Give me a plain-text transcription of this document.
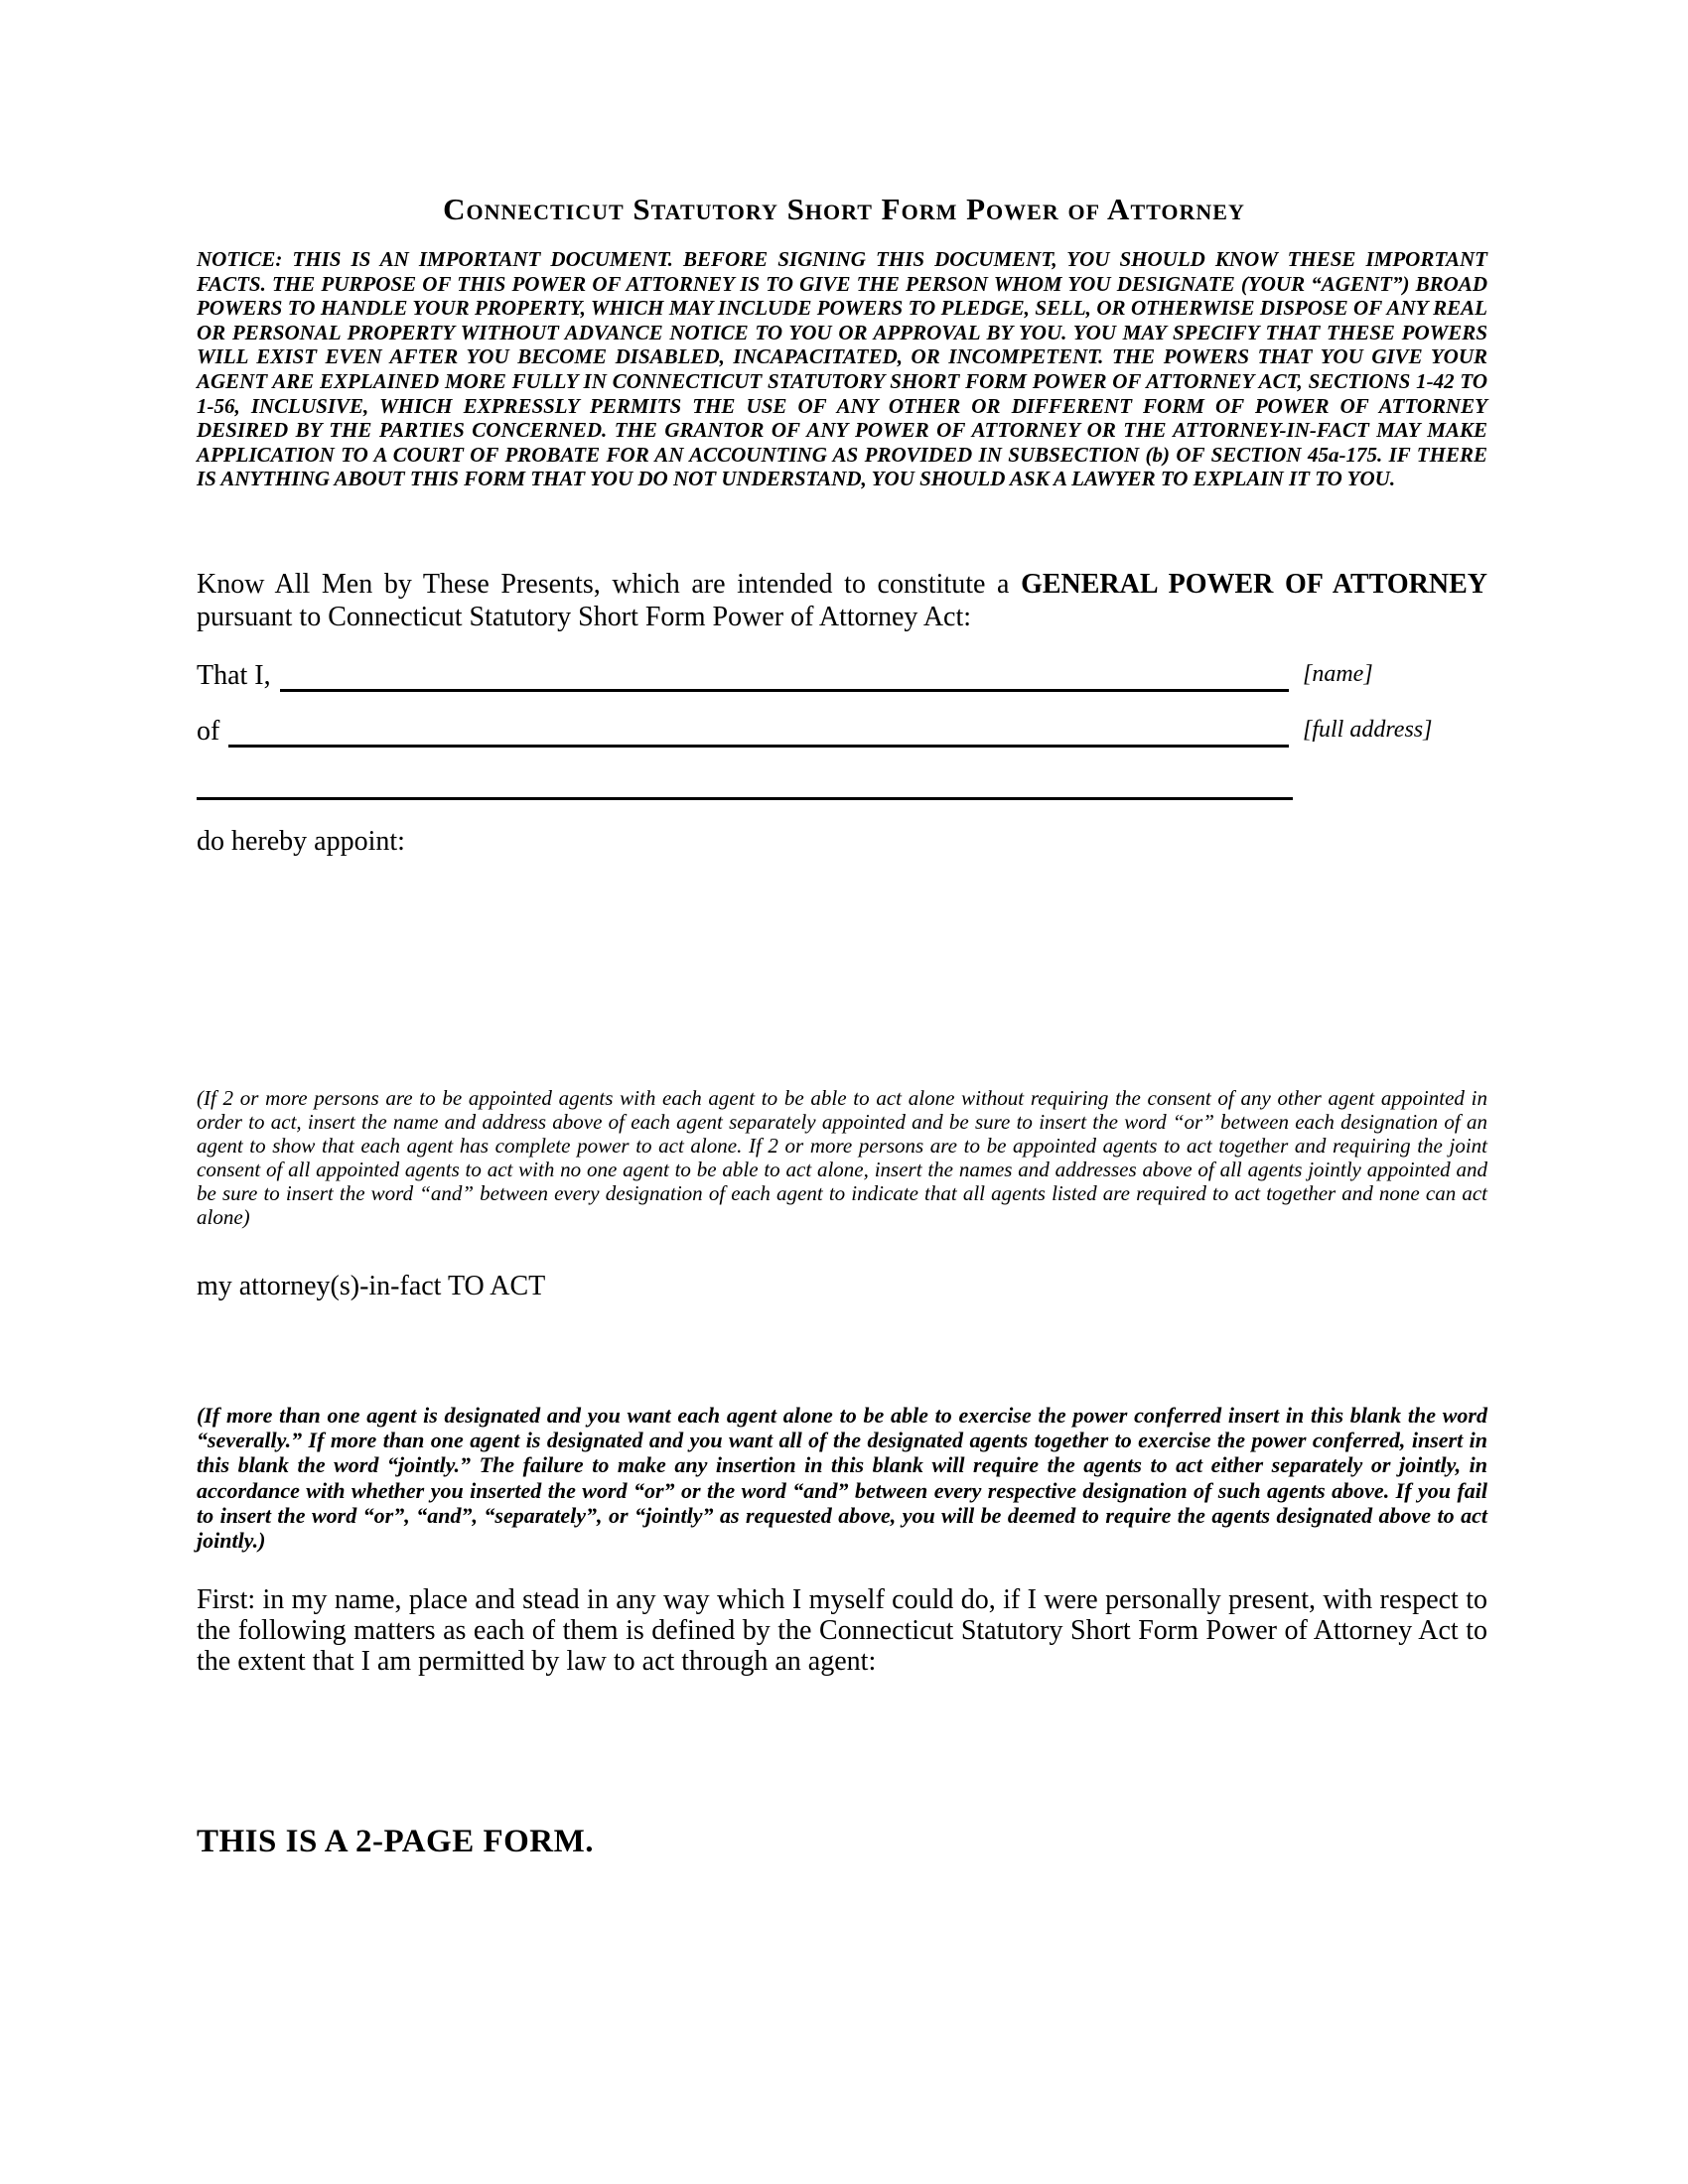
Connecticut Statutory Short Form Power of Attorney
NOTICE: THIS IS AN IMPORTANT DOCUMENT. BEFORE SIGNING THIS DOCUMENT, YOU SHOULD KNOW THESE IMPORTANT FACTS. THE PURPOSE OF THIS POWER OF ATTORNEY IS TO GIVE THE PERSON WHOM YOU DESIGNATE (YOUR “AGENT”) BROAD POWERS TO HANDLE YOUR PROPERTY, WHICH MAY INCLUDE POWERS TO PLEDGE, SELL, OR OTHERWISE DISPOSE OF ANY REAL OR PERSONAL PROPERTY WITHOUT ADVANCE NOTICE TO YOU OR APPROVAL BY YOU. YOU MAY SPECIFY THAT THESE POWERS WILL EXIST EVEN AFTER YOU BECOME DISABLED, INCAPACITATED, OR INCOMPETENT. THE POWERS THAT YOU GIVE YOUR AGENT ARE EXPLAINED MORE FULLY IN CONNECTICUT STATUTORY SHORT FORM POWER OF ATTORNEY ACT, SECTIONS 1-42 TO 1-56, INCLUSIVE, WHICH EXPRESSLY PERMITS THE USE OF ANY OTHER OR DIFFERENT FORM OF POWER OF ATTORNEY DESIRED BY THE PARTIES CONCERNED. THE GRANTOR OF ANY POWER OF ATTORNEY OR THE ATTORNEY-IN-FACT MAY MAKE APPLICATION TO A COURT OF PROBATE FOR AN ACCOUNTING AS PROVIDED IN SUBSECTION (b) OF SECTION 45a-175. IF THERE IS ANYTHING ABOUT THIS FORM THAT YOU DO NOT UNDERSTAND, YOU SHOULD ASK A LAWYER TO EXPLAIN IT TO YOU.
Know All Men by These Presents, which are intended to constitute a GENERAL POWER OF ATTORNEY pursuant to Connecticut Statutory Short Form Power of Attorney Act:
That I,	[name]
of	[full address]
do hereby appoint:
(If 2 or more persons are to be appointed agents with each agent to be able to act alone without requiring the consent of any other agent appointed in order to act, insert the name and address above of each agent separately appointed and be sure to insert the word “or” between each designation of an agent to show that each agent has complete power to act alone. If 2 or more persons are to be appointed agents to act together and requiring the joint consent of all appointed agents to act with no one agent to be able to act alone, insert the names and addresses above of all agents jointly appointed and be sure to insert the word “and” between every designation of each agent to indicate that all agents listed are required to act together and none can act alone)
my attorney(s)-in-fact TO ACT
(If more than one agent is designated and you want each agent alone to be able to exercise the power conferred insert in this blank the word “severally.” If more than one agent is designated and you want all of the designated agents together to exercise the power conferred, insert in this blank the word “jointly.” The failure to make any insertion in this blank will require the agents to act either separately or jointly, in accordance with whether you inserted the word “or” or the word “and” between every respective designation of such agents above. If you fail to insert the word “or”, “and”, “separately”, or “jointly” as requested above, you will be deemed to require the agents designated above to act jointly.)
First: in my name, place and stead in any way which I myself could do, if I were personally present, with respect to the following matters as each of them is defined by the Connecticut Statutory Short Form Power of Attorney Act to the extent that I am permitted by law to act through an agent:
THIS IS A 2-PAGE FORM.
